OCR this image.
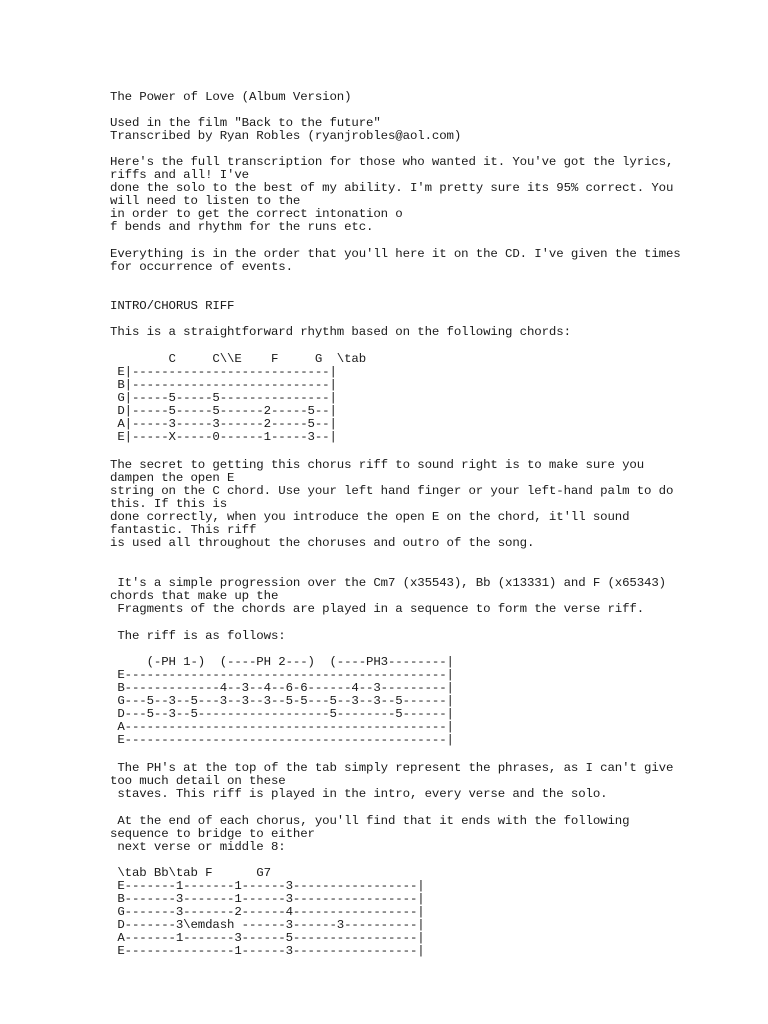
The Power of Love (Album Version)
Used in the film "Back to the future"
Transcribed by Ryan Robles (ryanjrobles@aol.com)
Here's the full transcription for those who wanted it. You've got the lyrics,
riffs and all! I've
done the solo to the best of my ability. I'm pretty sure its 95% correct. You
will need to listen to the
in order to get the correct intonation o
f bends and rhythm for the runs etc.
Everything is in the order that you'll here it on the CD. I've given the times
for occurrence of events.
INTRO/CHORUS RIFF
This is a straightforward rhythm based on the following chords:
C     C\\E    F     G  \tab
E|---------------------------|
B|---------------------------|
G|-----5-----5---------------|
D|-----5-----5------2-----5--|
A|-----3-----3------2-----5--|
E|-----X-----0------1-----3--|
The secret to getting this chorus riff to sound right is to make sure you
dampen the open E
string on the C chord. Use your left hand finger or your left-hand palm to do
this. If this is
done correctly, when you introduce the open E on the chord, it'll sound
fantastic. This riff
is used all throughout the choruses and outro of the song.
It's a simple progression over the Cm7 (x35543), Bb (x13331) and F (x65343)
chords that make up the
Fragments of the chords are played in a sequence to form the verse riff.
The riff is as follows:
(-PH 1-)  (----PH 2---)  (----PH3--------|
E--------------------------------------------|
B-------------4--3--4--6-6------4--3---------|
G---5--3--5---3--3--3--5-5---5--3--3--5------|
D---5--3--5------------------5--------5------|
A--------------------------------------------|
E--------------------------------------------|
The PH's at the top of the tab simply represent the phrases, as I can't give
too much detail on these
staves. This riff is played in the intro, every verse and the solo.
At the end of each chorus, you'll find that it ends with the following
sequence to bridge to either
next verse or middle 8:
\tab Bb\tab F      G7
E-------1-------1------3-----------------|
B-------3-------1------3-----------------|
G-------3-------2------4-----------------|
D-------3\emdash ------3------3----------|
A-------1-------3------5-----------------|
E---------------1------3-----------------|
